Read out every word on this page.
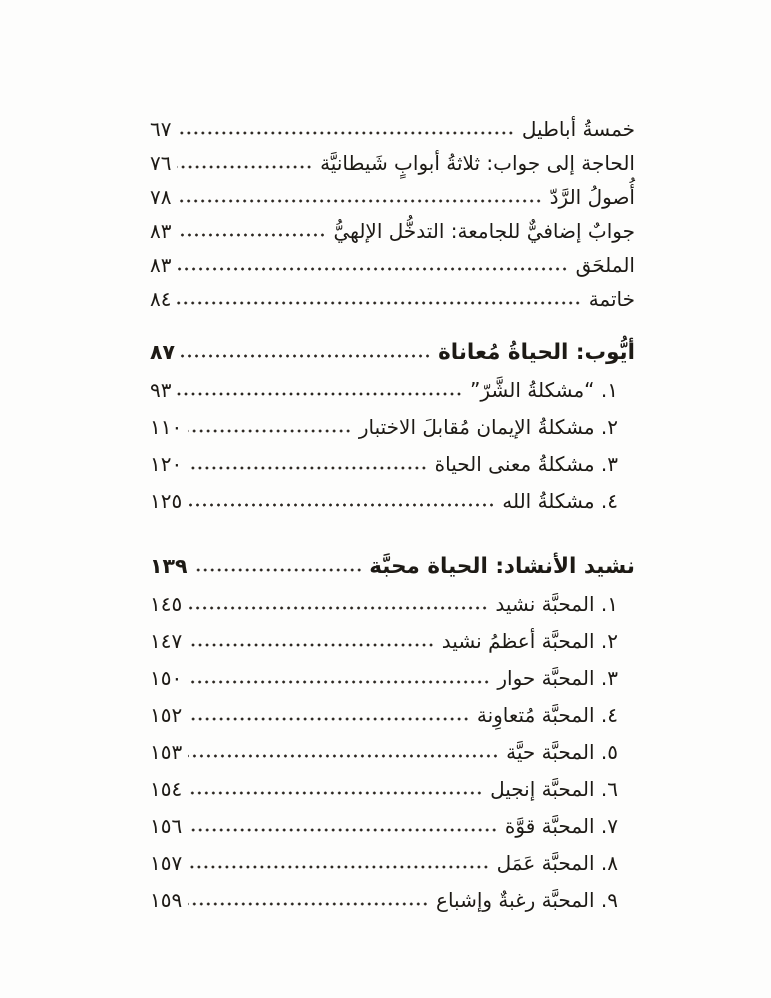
خمسةُ أباطيل
٦٧
الحاجة إلى جواب: ثلاثةُ أبوابٍ شَيطانيَّة
٧٦
أُصولُ الرَّدّ
٧٨
جوابٌ إضافيٌّ للجامعة: التدخُّل الإلهيُّ
٨٣
الملحَق
٨٣
خاتمة
٨٤
أيُّوب: الحياةُ مُعاناة
٨٧
١. “مشكلةُ الشَّرّ”
٩٣
٢. مشكلةُ الإيمان مُقابلَ الاختبار
١١٠
٣. مشكلةُ معنى الحياة
١٢٠
٤. مشكلةُ الله
١٢٥
نشيد الأنشاد: الحياة محبَّة
١٣٩
١. المحبَّة نشيد
١٤٥
٢. المحبَّة أعظمُ نشيد
١٤٧
٣. المحبَّة حوار
١٥٠
٤. المحبَّة مُتعاوِنة
١٥٢
٥. المحبَّة حيَّة
١٥٣
٦. المحبَّة إنجيل
١٥٤
٧. المحبَّة قوَّة
١٥٦
٨. المحبَّة عَمَل
١٥٧
٩. المحبَّة رغبةٌ وإشباع
١٥٩
